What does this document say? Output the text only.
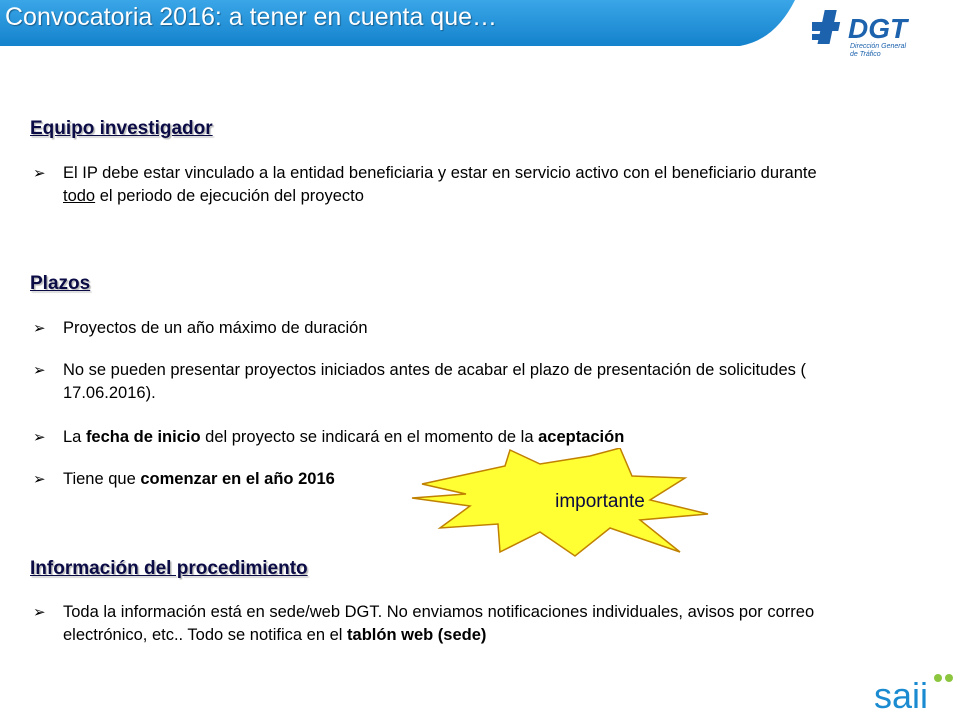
Convocatoria 2016: a tener en cuenta que…	DGT
Dirección General
de Tráfico
Equipo investigador
➢	El IP debe estar vinculado a la entidad beneficiaria y estar en servicio activo con el beneficiario durante todo el periodo de ejecución del proyecto
Plazos
➢	Proyectos de un año máximo de duración
➢	No se pueden presentar proyectos iniciados antes de acabar el plazo de presentación de solicitudes ( 17.06.2016).
➢	La fecha de inicio del proyecto se indicará en el momento de la aceptación
➢	Tiene que comenzar en el año 2016
importante
Información del procedimiento
➢	Toda la información está en sede/web DGT. No enviamos notificaciones individuales, avisos por correo electrónico, etc.. Todo se notifica en el tablón web (sede)
saii
